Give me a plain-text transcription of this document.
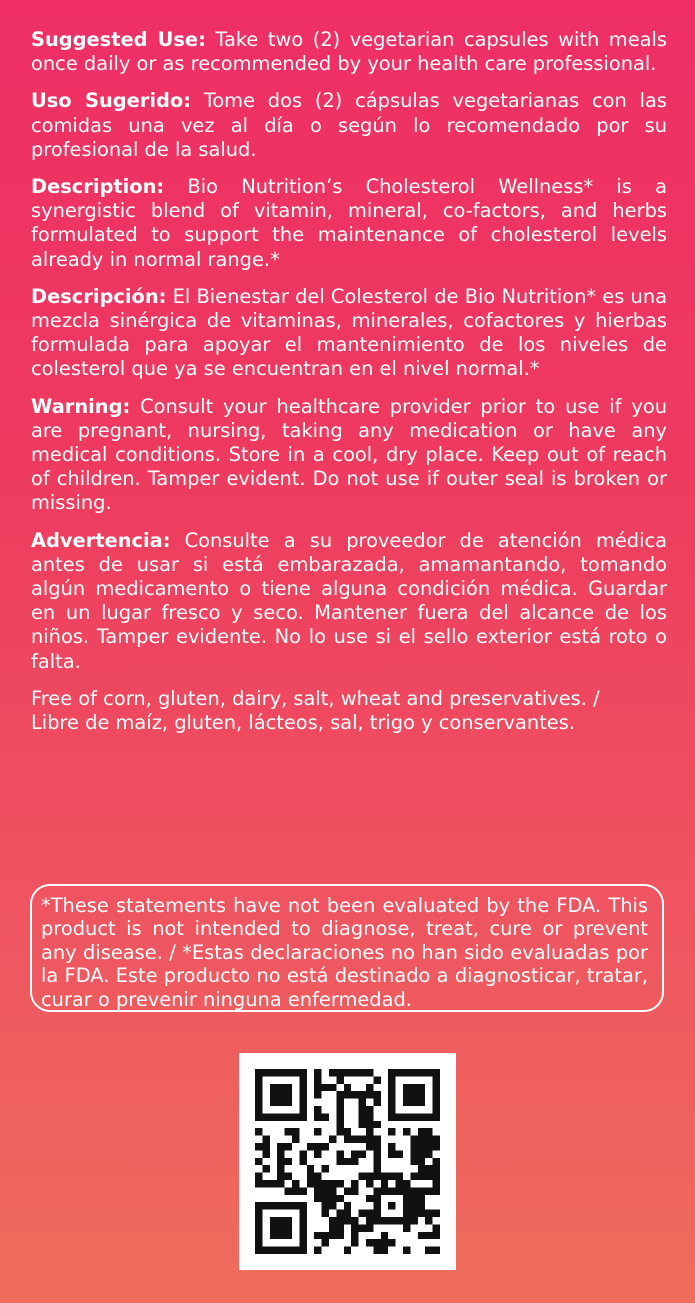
Suggested Use: Take two (2) vegetarian capsules with meals once daily or as recommended by your health care professional.

Uso Sugerido: Tome dos (2) cápsulas vegetarianas con las comidas una vez al día o según lo recomendado por su profesional de la salud.

Description: Bio Nutrition’s Cholesterol Wellness* is a synergistic blend of vitamin, mineral, co-factors, and herbs formulated to support the maintenance of cholesterol levels already in normal range.*

Descripción: El Bienestar del Colesterol de Bio Nutrition* es una mezcla sinérgica de vitaminas, minerales, cofactores y hierbas formulada para apoyar el mantenimiento de los niveles de colesterol que ya se encuentran en el nivel normal.*

Warning: Consult your healthcare provider prior to use if you are pregnant, nursing, taking any medication or have any medical conditions. Store in a cool, dry place. Keep out of reach of children. Tamper evident. Do not use if outer seal is broken or missing.

Advertencia: Consulte a su proveedor de atención médica antes de usar si está embarazada, amamantando, tomando algún medicamento o tiene alguna condición médica. Guardar en un lugar fresco y seco. Mantener fuera del alcance de los niños. Tamper evidente. No lo use si el sello exterior está roto o falta.

Free of corn, gluten, dairy, salt, wheat and preservatives. /
Libre de maíz, gluten, lácteos, sal, trigo y conservantes.

*These statements have not been evaluated by the FDA. This product is not intended to diagnose, treat, cure or prevent any disease. / *Estas declaraciones no han sido evaluadas por la FDA. Este producto no está destinado a diagnosticar, tratar, curar o prevenir ninguna enfermedad.
